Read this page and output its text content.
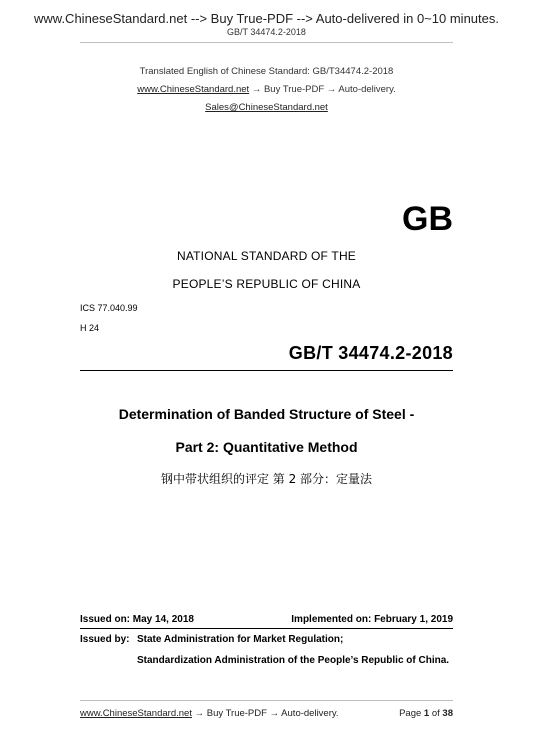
www.ChineseStandard.net --> Buy True-PDF --> Auto-delivered in 0~10 minutes.
GB/T 34474.2-2018
Translated English of Chinese Standard: GB/T34474.2-2018
www.ChineseStandard.net → Buy True-PDF → Auto-delivery.
Sales@ChineseStandard.net
GB
NATIONAL STANDARD OF THE
PEOPLE’S REPUBLIC OF CHINA
ICS 77.040.99
H 24
GB/T 34474.2-2018
Determination of Banded Structure of Steel -
Part 2: Quantitative Method
钢中带状组织的评定 第 2 部分：定量法
Issued on: May 14, 2018	Implemented on: February 1, 2019
Issued by: State Administration for Market Regulation;
Standardization Administration of the People’s Republic of China.
www.ChineseStandard.net → Buy True-PDF → Auto-delivery.	Page 1 of 38
